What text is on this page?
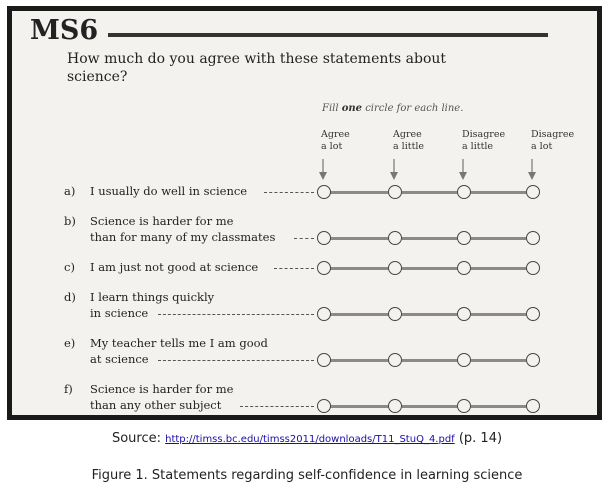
MS6
How much do you agree with these statements about science?
Fill one circle for each line.
Agree
a lot
Agree
a little
Disagree
a little
Disagree
a lot
a) I usually do well in science
b) Science is harder for me
than for many of my classmates
c) I am just not good at science
d) I learn things quickly
in science
e) My teacher tells me I am good
at science
f) Science is harder for me
than any other subject
Source: http://timss.bc.edu/timss2011/downloads/T11_StuQ_4.pdf (p. 14)
Figure 1. Statements regarding self-confidence in learning science
